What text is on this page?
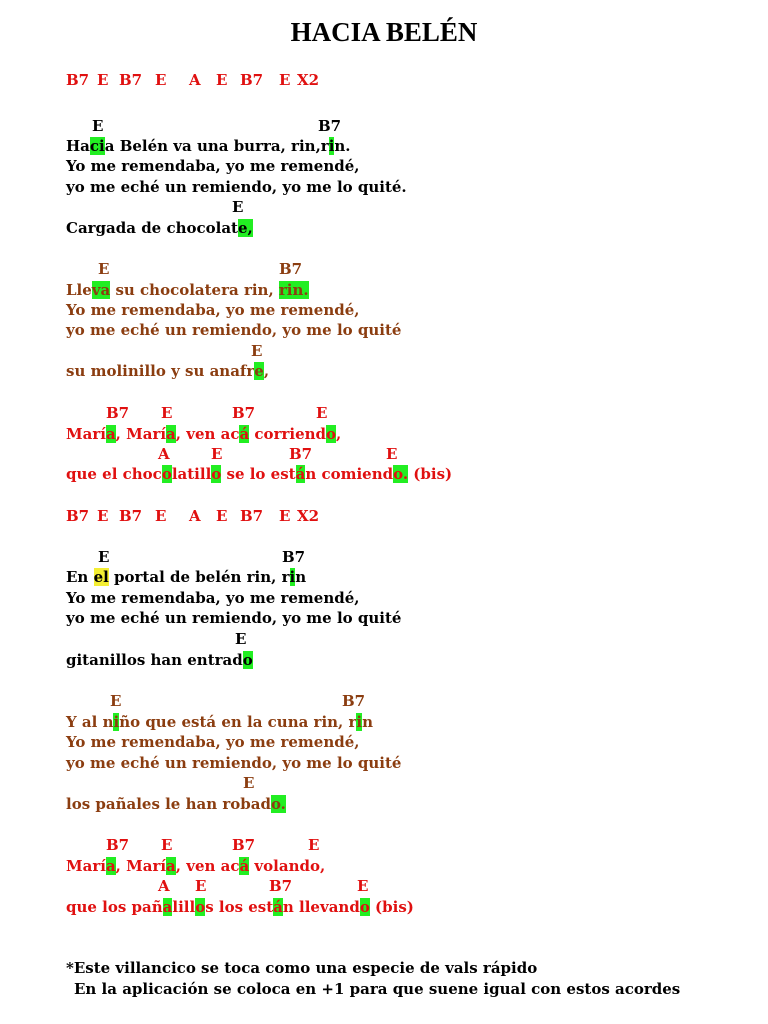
HACIA BELÉN
B7 E B7 E A E B7 E X2
E	B7
Hacia Belén va una burra, rin,rin.
Yo me remendaba, yo me remendé,
yo me eché un remiendo, yo me lo quité.
E
Cargada de chocolate,
E	B7
Lleva su chocolatera rin, rin.
Yo me remendaba, yo me remendé,
yo me eché un remiendo, yo me lo quité
E
su molinillo y su anafre,
B7 E	B7	E
María, María, ven acá corriendo,
A	E	B7	E
que el chocolatillo se lo están comiendo. (bis)
B7 E B7 E A E B7 E X2
E	B7
En el portal de belén rin, rin
Yo me remendaba, yo me remendé,
yo me eché un remiendo, yo me lo quité
E
gitanillos han entrado
E	B7
Y al niño que está en la cuna rin, rin
Yo me remendaba, yo me remendé,
yo me eché un remiendo, yo me lo quité
E
los pañales le han robado.
B7 E	B7	E
María, María, ven acá volando,
A E	B7	E
que los pañalillos los están llevando (bis)
*Este villancico se toca como una especie de vals rápido
En la aplicación se coloca en +1 para que suene igual con estos acordes
